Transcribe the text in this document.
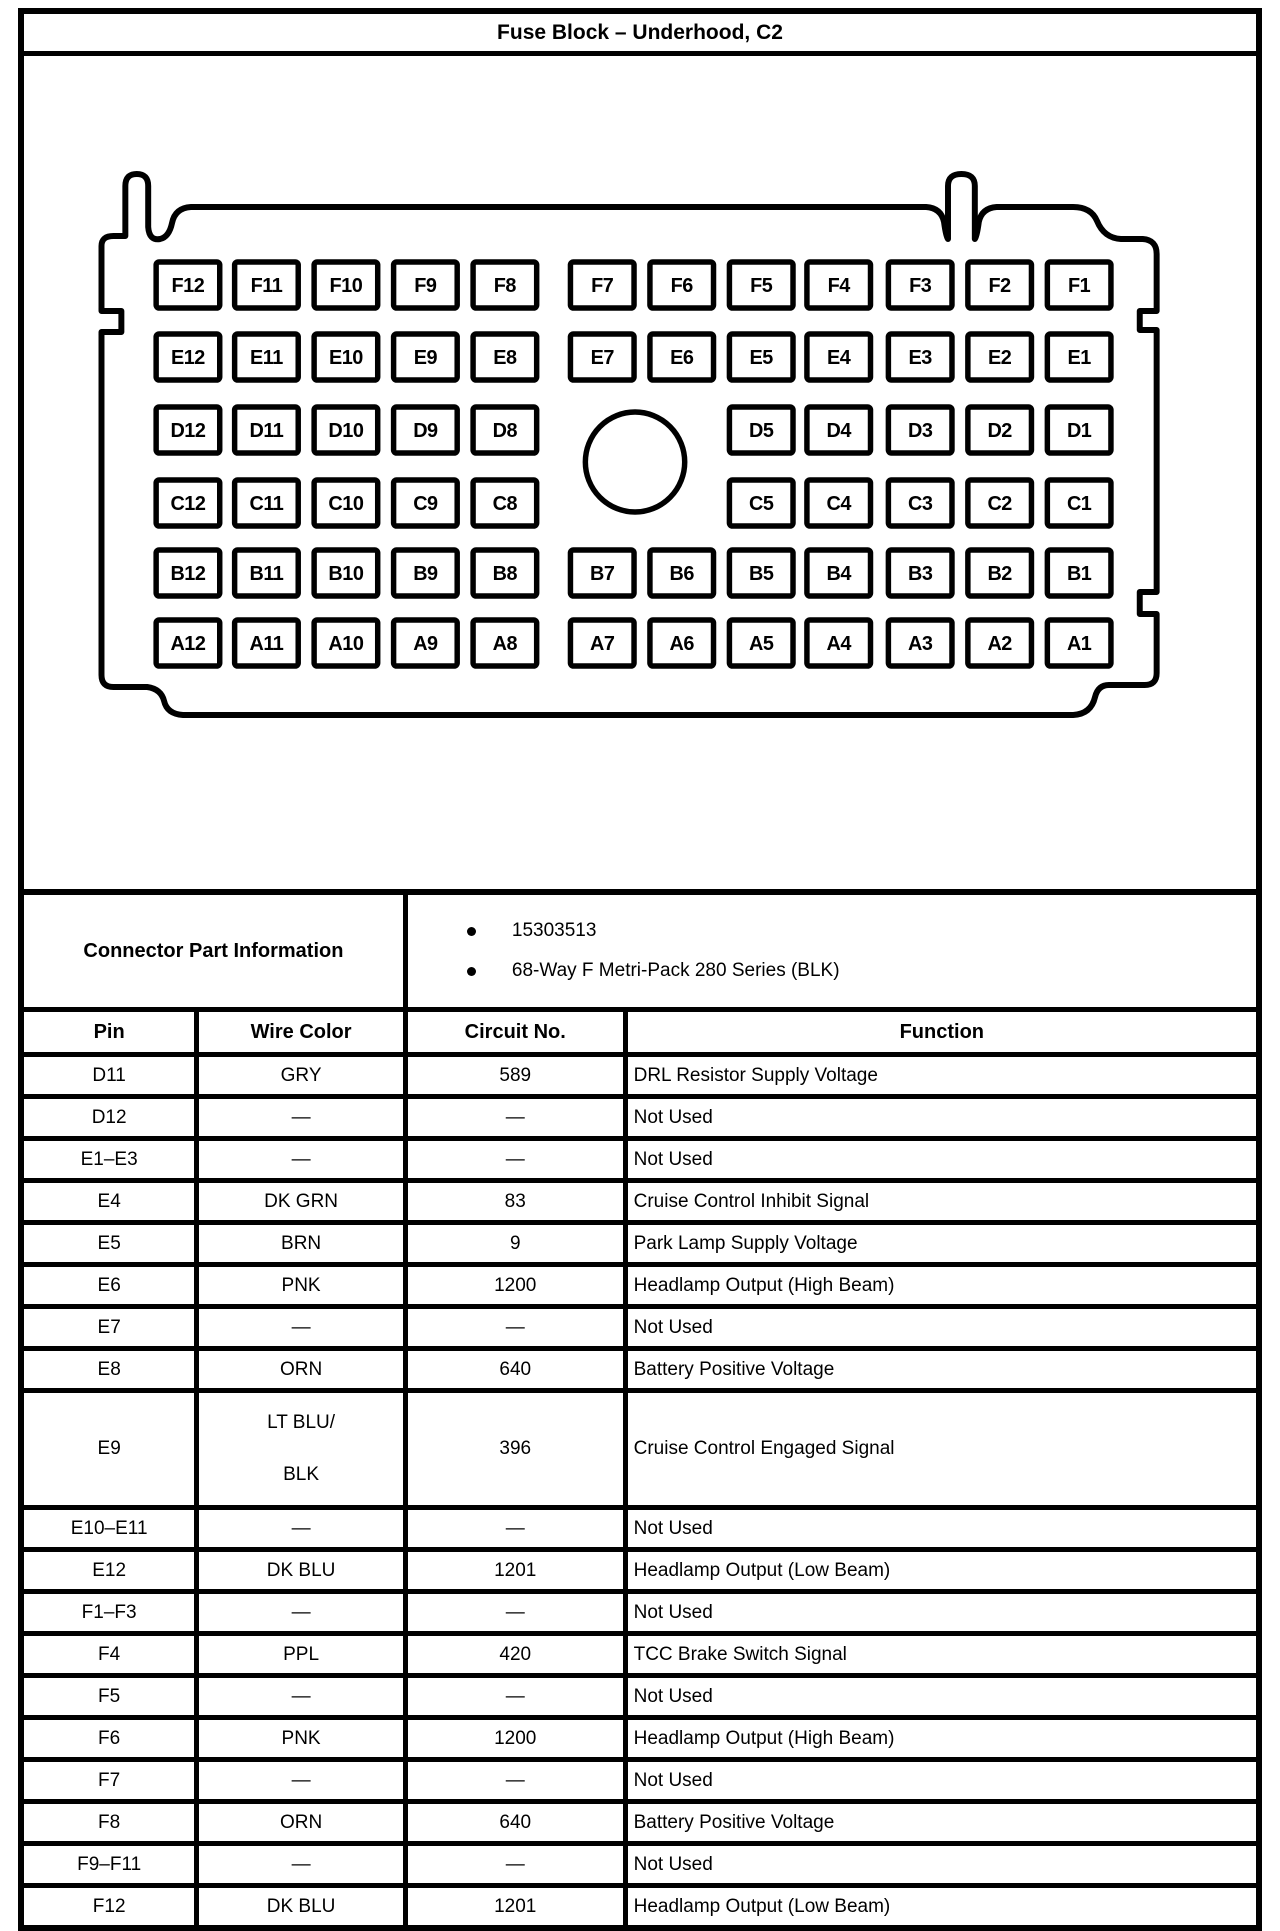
Fuse Block – Underhood, C2
F12 F11 F10	F9	F8	F7	F6	F5	F4	F3	F2	F1
E12 E11 E10	E9	E8	E7	E6	E5	E4	E3	E2	E1
D12 D11 D10 D9	D8	D5	D4	D3	D2	D1
C12 C11 C10 C9	C8	C5	C4	C3	C2	C1
B12 B11 B10 B9	B8	B7	B6	B5	B4	B3	B2	B1
A12 A11 A10 A9	A8	A7	A6	A5	A4	A3	A2	A1
Connector Part Information		15303513
68-Way F Metri-Pack 280 Series (BLK)	

Pin	Wire Color	Circuit No.	Function
D11	GRY	589	DRL Resistor Supply Voltage
D12	—	—	Not Used
E1–E3	—	—	Not Used
E4	DK GRN	83	Cruise Control Inhibit Signal
E5	BRN	9	Park Lamp Supply Voltage
E6	PNK	1200	Headlamp Output (High Beam)
E7	—	—	Not Used
E8	ORN	640	Battery Positive Voltage
E9	LT BLU/
BLK	396	Cruise Control Engaged Signal
E10–E11	—	—	Not Used
E12	DK BLU	1201	Headlamp Output (Low Beam)
F1–F3	—	—	Not Used
F4	PPL	420	TCC Brake Switch Signal
F5	—	—	Not Used
F6	PNK	1200	Headlamp Output (High Beam)
F7	—	—	Not Used
F8	ORN	640	Battery Positive Voltage
F9–F11	—	—	Not Used
F12	DK BLU	1201	Headlamp Output (Low Beam)
